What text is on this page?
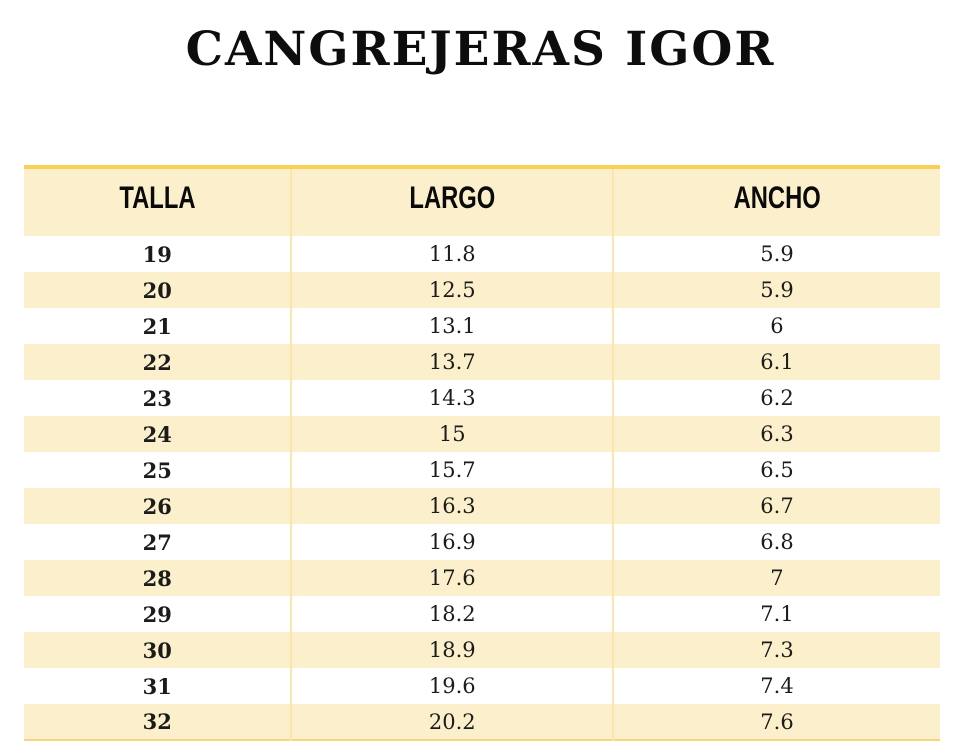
CANGREJERAS IGOR
TALLA	LARGO	ANCHO
19	11.8	5.9
20	12.5	5.9
21	13.1	6
22	13.7	6.1
23	14.3	6.2
24	15	6.3
25	15.7	6.5
26	16.3	6.7
27	16.9	6.8
28	17.6	7
29	18.2	7.1
30	18.9	7.3
31	19.6	7.4
32	20.2	7.6
